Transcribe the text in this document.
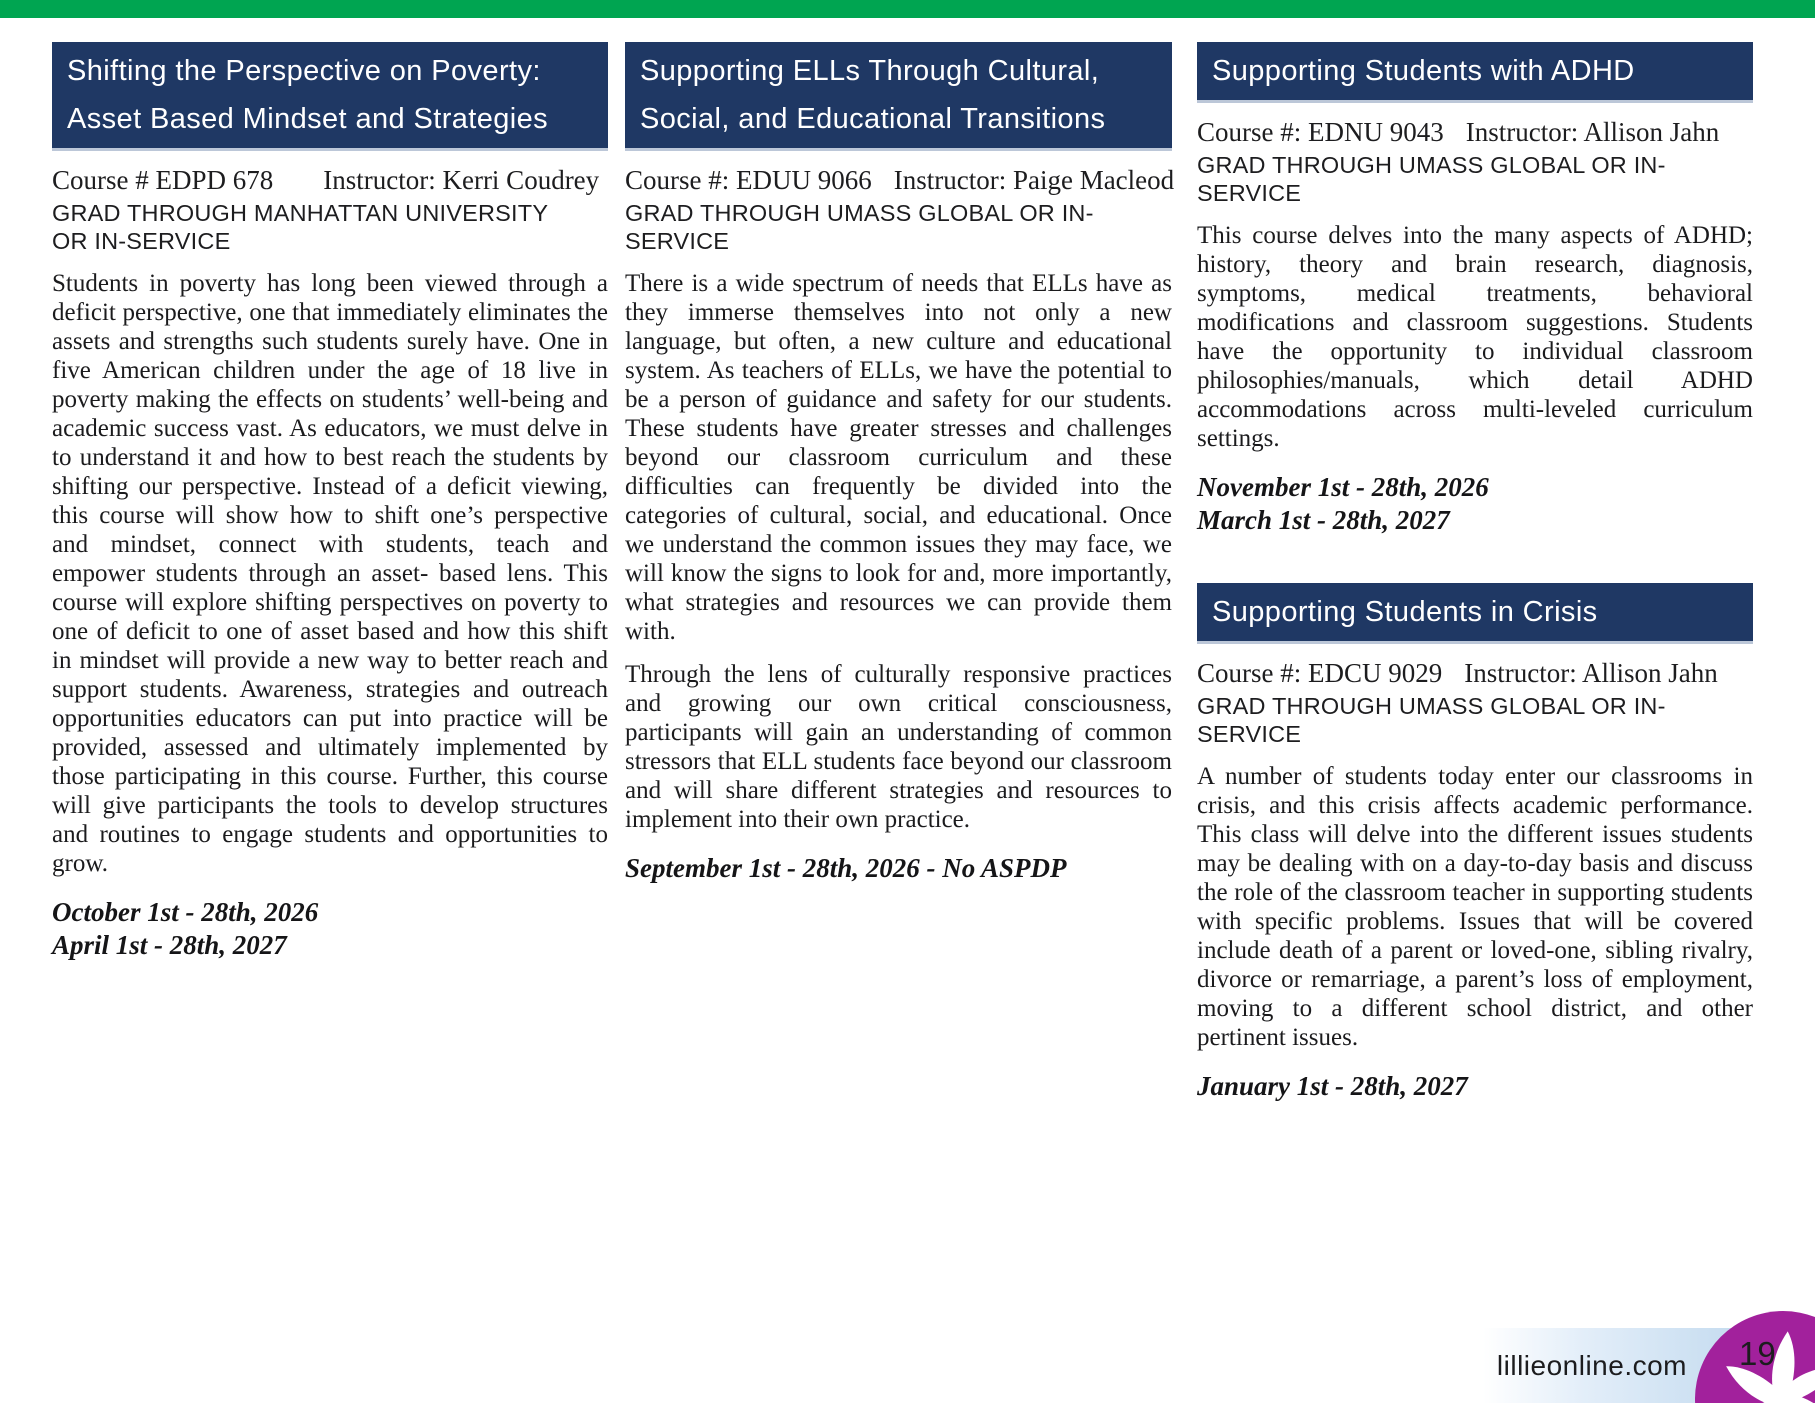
Shifting the Perspective on Poverty:
Asset Based Mindset and Strategies
Course # EDPD 678 Instructor: Kerri Coudrey
GRAD THROUGH MANHATTAN UNIVERSITY
OR IN-SERVICE

Students in poverty has long been viewed through a deficit perspective, one that immediately eliminates the assets and strengths such students surely have. One in five American children under the age of 18 live in poverty making the effects on students’ well-being and academic success vast. As educators, we must delve in to understand it and how to best reach the students by shifting our perspective. Instead of a deficit viewing, this course will show how to shift one’s perspective and mindset, connect with students, teach and empower students through an asset- based lens. This course will explore shifting perspectives on poverty to one of deficit to one of asset based and how this shift in mindset will provide a new way to better reach and support students. Awareness, strategies and outreach opportunities educators can put into practice will be provided, assessed and ultimately implemented by those participating in this course. Further, this course will give participants the tools to develop structures and routines to engage students and opportunities to grow.

October 1st - 28th, 2026
April 1st - 28th, 2027
Supporting ELLs Through Cultural,
Social, and Educational Transitions
Course #: EDUU 9066 Instructor: Paige Macleod
GRAD THROUGH UMASS GLOBAL OR IN-SERVICE

There is a wide spectrum of needs that ELLs have as they immerse themselves into not only a new language, but often, a new culture and educational system. As teachers of ELLs, we have the potential to be a person of guidance and safety for our students. These students have greater stresses and challenges beyond our classroom curriculum and these difficulties can frequently be divided into the categories of cultural, social, and educational. Once we understand the common issues they may face, we will know the signs to look for and, more importantly, what strategies and resources we can provide them with.

Through the lens of culturally responsive practices and growing our own critical consciousness, participants will gain an understanding of common stressors that ELL students face beyond our classroom and will share different strategies and resources to implement into their own practice.

September 1st - 28th, 2026 - No ASPDP
Supporting Students with ADHD
Course #: EDNU 9043 Instructor: Allison Jahn
GRAD THROUGH UMASS GLOBAL OR IN-SERVICE

This course delves into the many aspects of ADHD; history, theory and brain research, diagnosis, symptoms, medical treatments, behavioral modifications and classroom suggestions. Students have the opportunity to individual classroom philosophies/manuals, which detail ADHD accommodations across multi-leveled curriculum settings.

November 1st - 28th, 2026
March 1st - 28th, 2027
Supporting Students in Crisis
Course #: EDCU 9029 Instructor: Allison Jahn
GRAD THROUGH UMASS GLOBAL OR IN-SERVICE

A number of students today enter our classrooms in crisis, and this crisis affects academic performance. This class will delve into the different issues students may be dealing with on a day-to-day basis and discuss the role of the classroom teacher in supporting students with specific problems. Issues that will be covered include death of a parent or loved-one, sibling rivalry, divorce or remarriage, a parent’s loss of employment, moving to a different school district, and other pertinent issues.

January 1st - 28th, 2027
lillieonline.com 19
